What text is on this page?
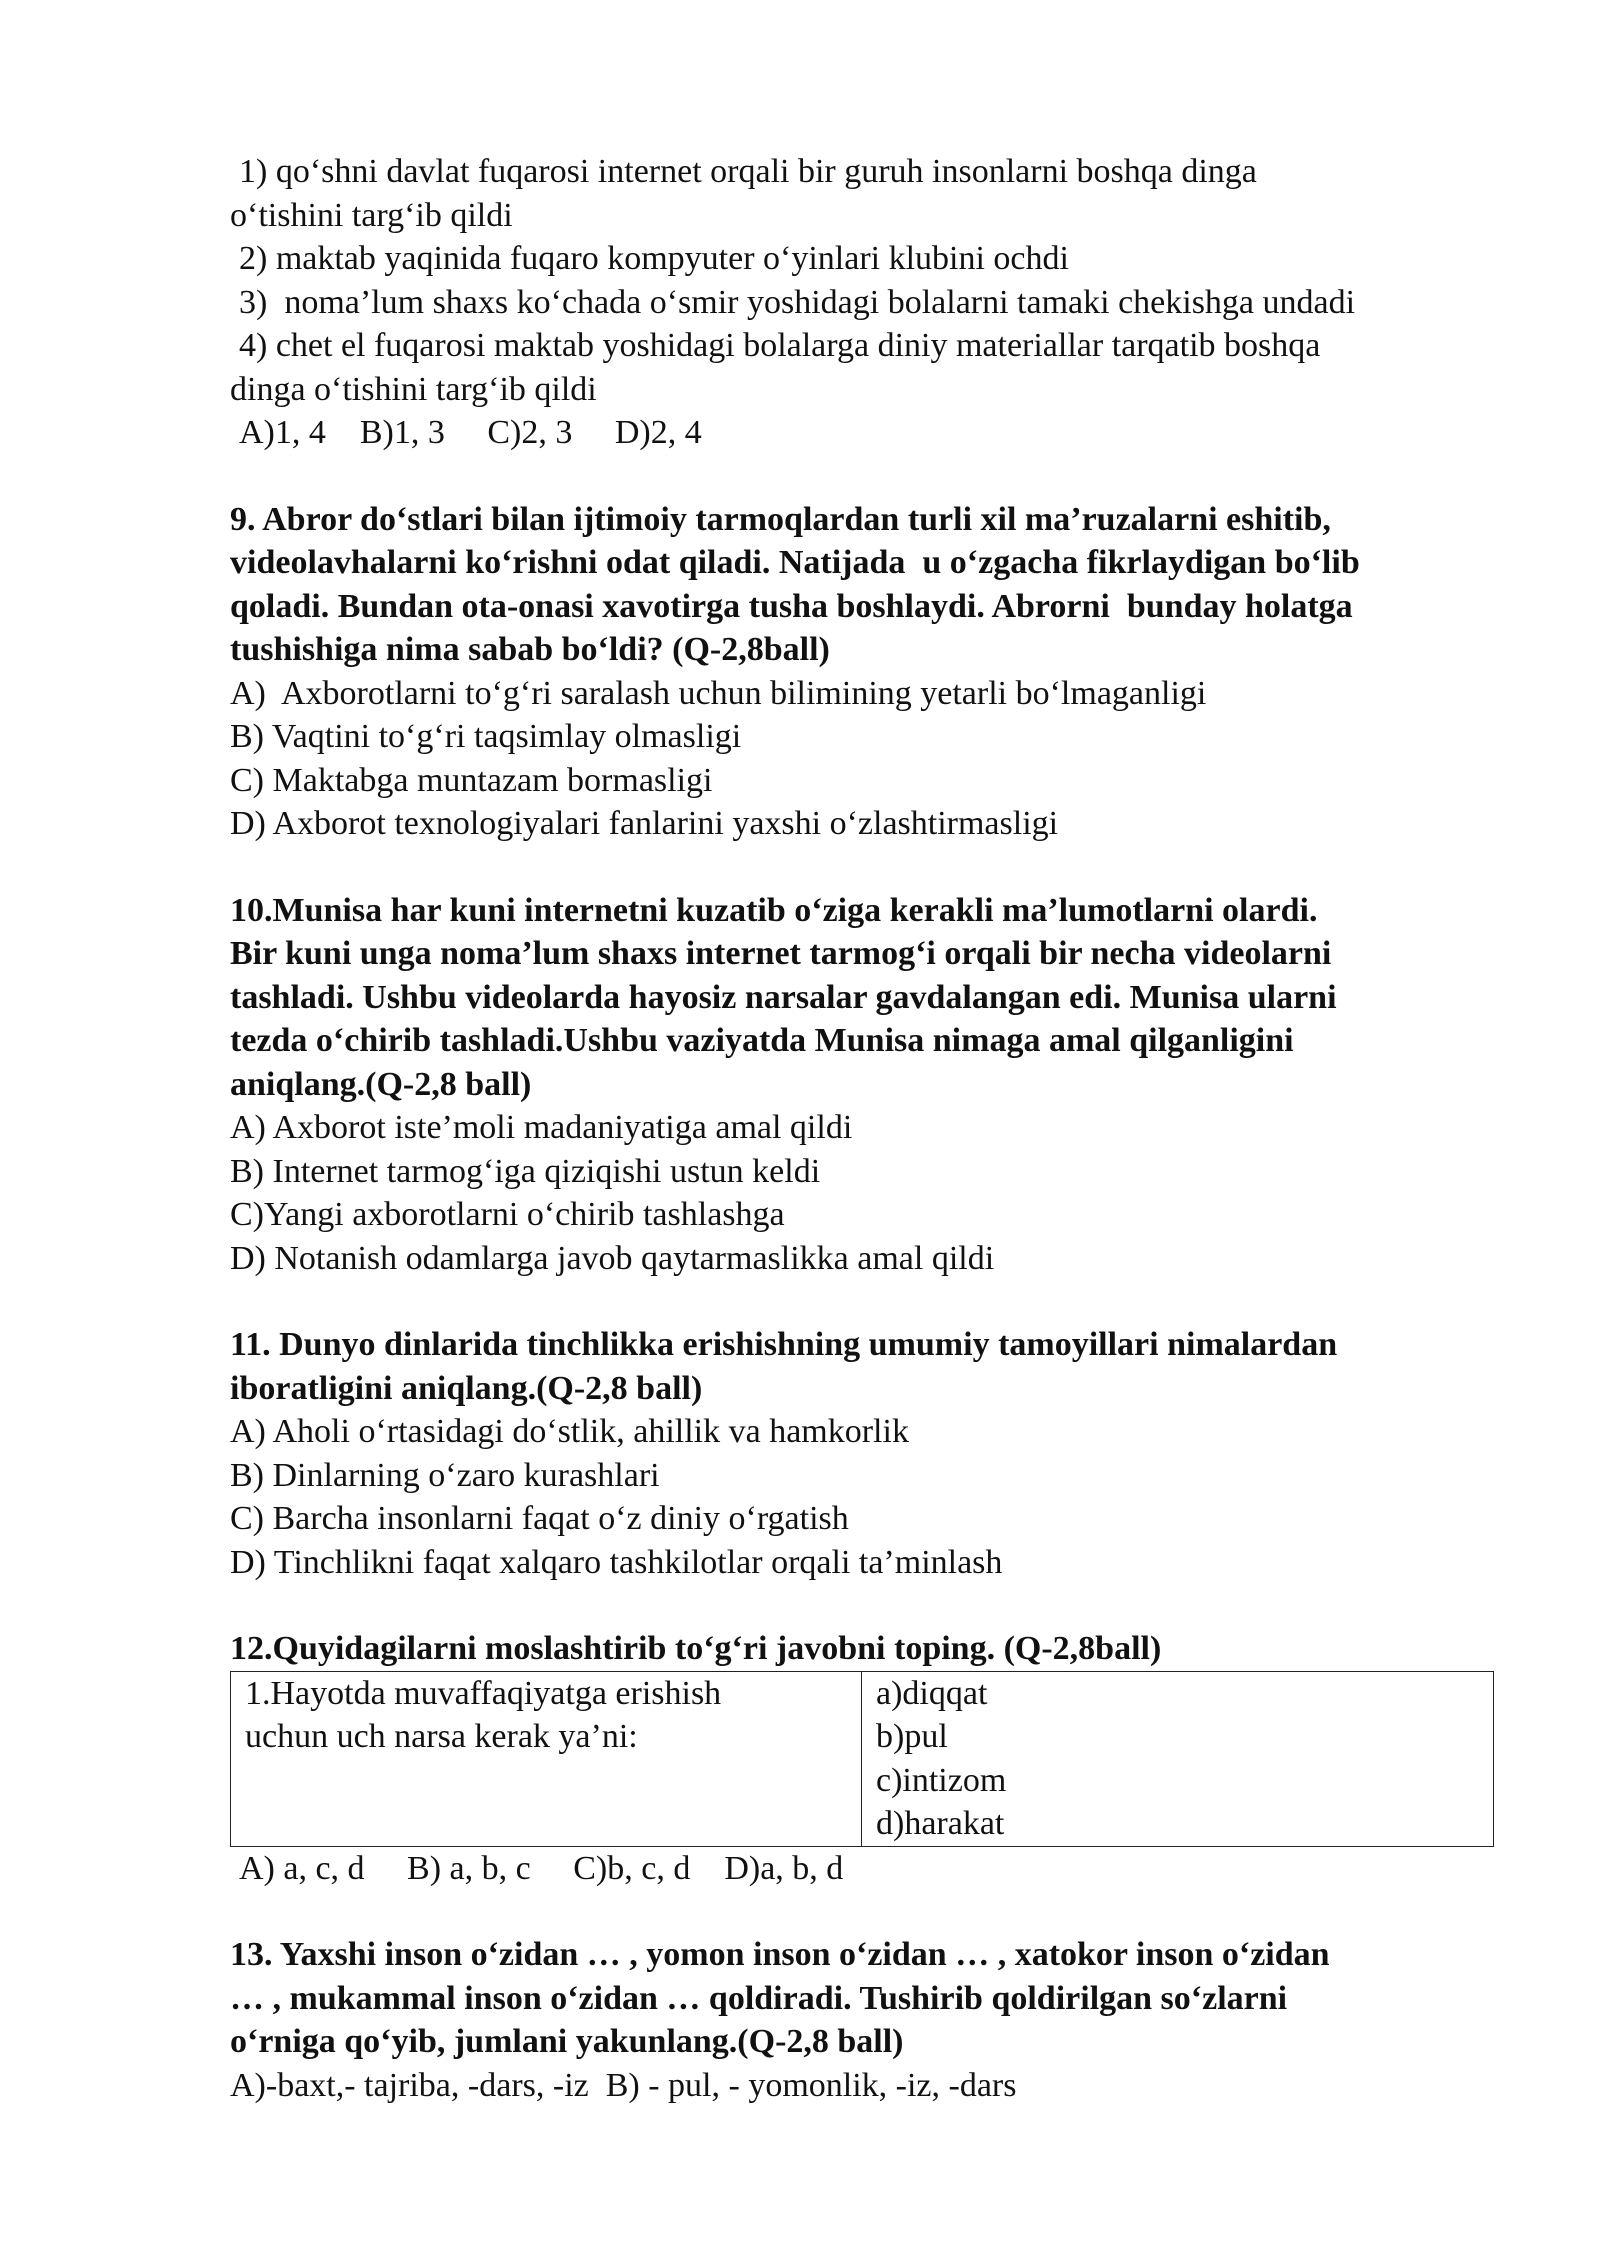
1) qo‘shni davlat fuqarosi internet orqali bir guruh insonlarni boshqa dinga
o‘tishini targ‘ib qildi
2) maktab yaqinida fuqaro kompyuter o‘yinlari klubini ochdi
3)  noma’lum shaxs ko‘chada o‘smir yoshidagi bolalarni tamaki chekishga undadi
4) chet el fuqarosi maktab yoshidagi bolalarga diniy materiallar tarqatib boshqa
dinga o‘tishini targ‘ib qildi
A)1, 4    B)1, 3     C)2, 3     D)2, 4
9. Abror do‘stlari bilan ijtimoiy tarmoqlardan turli xil ma’ruzalarni eshitib,
videolavhalarni ko‘rishni odat qiladi. Natijada  u o‘zgacha fikrlaydigan bo‘lib
qoladi. Bundan ota-onasi xavotirga tusha boshlaydi. Abrorni  bunday holatga
tushishiga nima sabab bo‘ldi? (Q-2,8ball)
A)  Axborotlarni to‘g‘ri saralash uchun bilimining yetarli bo‘lmaganligi
B) Vaqtini to‘g‘ri taqsimlay olmasligi
C) Maktabga muntazam bormasligi
D) Axborot texnologiyalari fanlarini yaxshi o‘zlashtirmasligi
10.Munisa har kuni internetni kuzatib o‘ziga kerakli ma’lumotlarni olardi.
Bir kuni unga noma’lum shaxs internet tarmog‘i orqali bir necha videolarni
tashladi. Ushbu videolarda hayosiz narsalar gavdalangan edi. Munisa ularni
tezda o‘chirib tashladi.Ushbu vaziyatda Munisa nimaga amal qilganligini
aniqlang.(Q-2,8 ball)
A) Axborot iste’moli madaniyatiga amal qildi
B) Internet tarmog‘iga qiziqishi ustun keldi
C)Yangi axborotlarni o‘chirib tashlashga
D) Notanish odamlarga javob qaytarmaslikka amal qildi
11. Dunyo dinlarida tinchlikka erishishning umumiy tamoyillari nimalardan
iboratligini aniqlang.(Q-2,8 ball)
A) Aholi o‘rtasidagi do‘stlik, ahillik va hamkorlik
B) Dinlarning o‘zaro kurashlari
C) Barcha insonlarni faqat o‘z diniy o‘rgatish
D) Tinchlikni faqat xalqaro tashkilotlar orqali ta’minlash
12.Quyidagilarni moslashtirib to‘g‘ri javobni toping. (Q-2,8ball)
1.Hayotda muvaffaqiyatga erishish
uchun uch narsa kerak ya’ni:

a)diqqat
b)pul
c)intizom
d)harakat
A) a, c, d     B) a, b, c     C)b, c, d    D)a, b, d
13. Yaxshi inson o‘zidan … , yomon inson o‘zidan … , xatokor inson o‘zidan
… , mukammal inson o‘zidan … qoldiradi. Tushirib qoldirilgan so‘zlarni
o‘rniga qo‘yib, jumlani yakunlang.(Q-2,8 ball)
A)-baxt,- tajriba, -dars, -iz  B) - pul, - yomonlik, -iz, -dars
